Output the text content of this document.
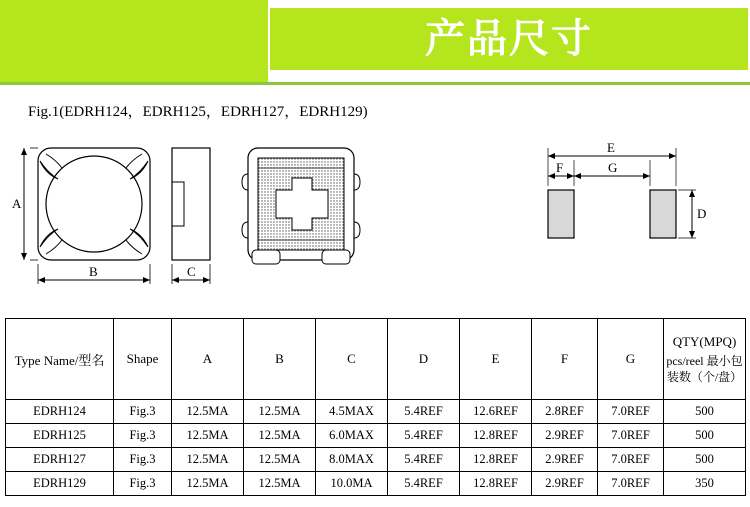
产品尺寸
Fig.1(EDRH124，EDRH125，EDRH127，EDRH129)
A
B	C
E
G
F
D
Type Name/型名	Shape	A	B	C	D	E	F	G	QTY(MPQ)
pcs/reel 最小包
装数（个/盘）

EDRH124	Fig.3	12.5MA	12.5MA	4.5MAX	5.4REF	12.6REF	2.8REF	7.0REF	500
EDRH125	Fig.3	12.5MA	12.5MA	6.0MAX	5.4REF	12.8REF	2.9REF	7.0REF	500
EDRH127	Fig.3	12.5MA	12.5MA	8.0MAX	5.4REF	12.8REF	2.9REF	7.0REF	500
EDRH129	Fig.3	12.5MA	12.5MA	10.0MA	5.4REF	12.8REF	2.9REF	7.0REF	350
